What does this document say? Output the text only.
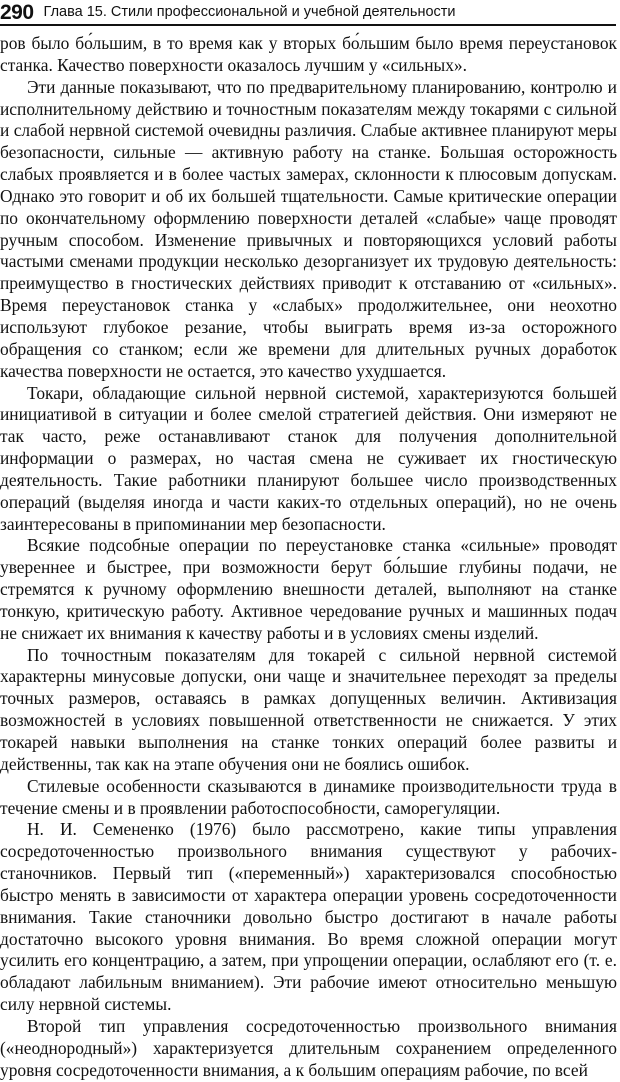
290 Глава 15. Стили профессиональной и учебной деятельности

ров было бо́льшим, в то время как у вторых бо́льшим было время переустановок станка. Качество поверхности оказалось лучшим у «сильных».

Эти данные показывают, что по предварительному планированию, контролю и исполнительному действию и точностным показателям между токарями с сильной и слабой нервной системой очевидны различия. Слабые активнее планируют меры безопасности, сильные — активную работу на станке. Большая осторожность слабых проявляется и в более частых замерах, склонности к плюсовым допускам. Однако это говорит и об их большей тщательности. Самые критические операции по окончательному оформлению поверхности деталей «слабые» чаще проводят ручным способом. Изменение привычных и повторяющихся условий работы частыми сменами продукции несколько дезорганизует их трудовую деятельность: преимущество в гностических действиях приводит к отставанию от «сильных». Время переустановок станка у «слабых» продолжительнее, они неохотно используют глубокое резание, чтобы выиграть время из-за осторожного обращения со станком; если же времени для длительных ручных доработок качества поверхности не остается, это качество ухудшается.

Токари, обладающие сильной нервной системой, характеризуются большей инициативой в ситуации и более смелой стратегией действия. Они измеряют не так часто, реже останавливают станок для получения дополнительной информации о размерах, но частая смена не суживает их гностическую деятельность. Такие работники планируют большее число производственных операций (выделяя иногда и части каких-то отдельных операций), но не очень заинтересованы в припоминании мер безопасности.

Всякие подсобные операции по переустановке станка «сильные» проводят увереннее и быстрее, при возможности берут бо́льшие глубины подачи, не стремятся к ручному оформлению внешности деталей, выполняют на станке тонкую, критическую работу. Активное чередование ручных и машинных подач не снижает их внимания к качеству работы и в условиях смены изделий.

По точностным показателям для токарей с сильной нервной системой характерны минусовые допуски, они чаще и значительнее переходят за пределы точных размеров, оставаясь в рамках допущенных величин. Активизация возможностей в условиях повышенной ответственности не снижается. У этих токарей навыки выполнения на станке тонких операций более развиты и действенны, так как на этапе обучения они не боялись ошибок.

Стилевые особенности сказываются в динамике производительности труда в течение смены и в проявлении работоспособности, саморегуляции.

Н. И. Семененко (1976) было рассмотрено, какие типы управления сосредоточенностью произвольного внимания существуют у рабочих-станочников. Первый тип («переменный») характеризовался способностью быстро менять в зависимости от характера операции уровень сосредоточенности внимания. Такие станочники довольно быстро достигают в начале работы достаточно высокого уровня внимания. Во время сложной операции могут усилить его концентрацию, а затем, при упрощении операции, ослабляют его (т. е. обладают лабильным вниманием). Эти рабочие имеют относительно меньшую силу нервной системы.

Второй тип управления сосредоточенностью произвольного внимания («неоднородный») характеризуется длительным сохранением определенного уровня сосредоточенности внимания, а к большим операциям рабочие, по всей
